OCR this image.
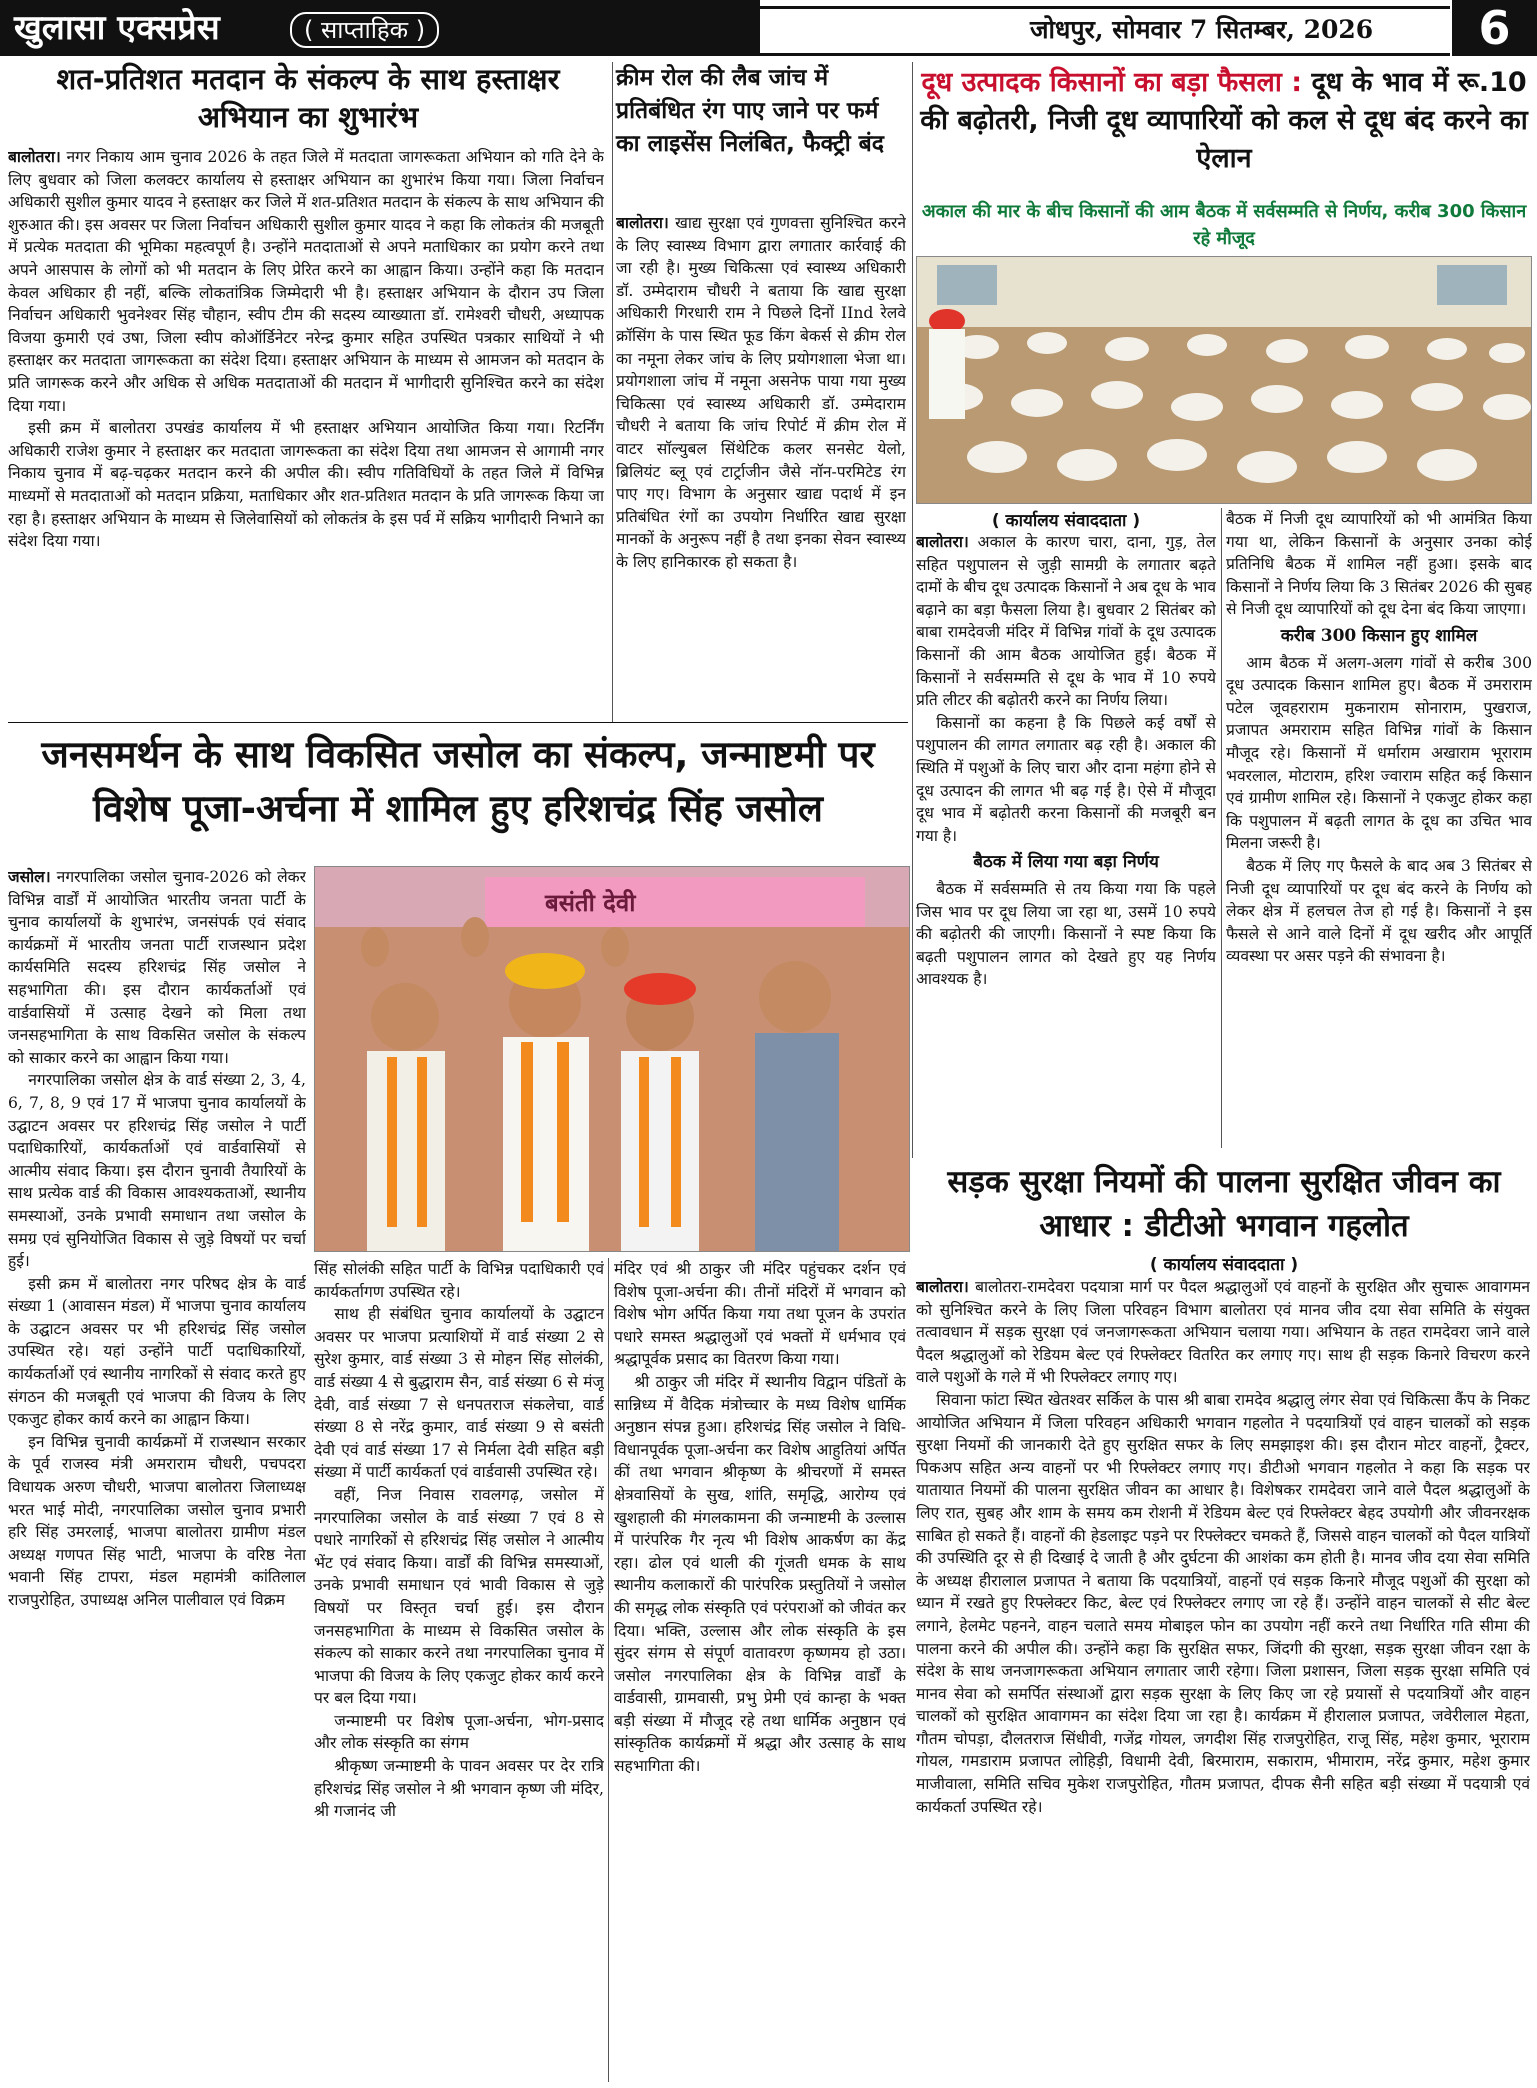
खुलासा एक्सप्रेस	( साप्ताहिक )	जोधपुर, सोमवार 7 सितम्बर, 2026	6
शत-प्रतिशत मतदान के संकल्प के साथ हस्ताक्षर अभियान का शुभारंभ

बालोतरा। नगर निकाय आम चुनाव 2026 के तहत जिले में मतदाता जागरूकता अभियान को गति देने के लिए बुधवार को जिला कलक्टर कार्यालय से हस्ताक्षर अभियान का शुभारंभ किया गया। जिला निर्वाचन अधिकारी सुशील कुमार यादव ने हस्ताक्षर कर जिले में शत-प्रतिशत मतदान के संकल्प के साथ अभियान की शुरुआत की। इस अवसर पर जिला निर्वाचन अधिकारी सुशील कुमार यादव ने कहा कि लोकतंत्र की मजबूती में प्रत्येक मतदाता की भूमिका महत्वपूर्ण है। उन्होंने मतदाताओं से अपने मताधिकार का प्रयोग करने तथा अपने आसपास के लोगों को भी मतदान के लिए प्रेरित करने का आह्वान किया। उन्होंने कहा कि मतदान केवल अधिकार ही नहीं, बल्कि लोकतांत्रिक जिम्मेदारी भी है। हस्ताक्षर अभियान के दौरान उप जिला निर्वाचन अधिकारी भुवनेश्वर सिंह चौहान, स्वीप टीम की सदस्य व्याख्याता डॉ. रामेश्वरी चौधरी, अध्यापक विजया कुमारी एवं उषा, जिला स्वीप कोऑर्डिनेटर नरेन्द्र कुमार सहित उपस्थित पत्रकार साथियों ने भी हस्ताक्षर कर मतदाता जागरूकता का संदेश दिया। हस्ताक्षर अभियान के माध्यम से आमजन को मतदान के प्रति जागरूक करने और अधिक से अधिक मतदाताओं की मतदान में भागीदारी सुनिश्चित करने का संदेश दिया गया।

इसी क्रम में बालोतरा उपखंड कार्यालय में भी हस्ताक्षर अभियान आयोजित किया गया। रिटर्निंग अधिकारी राजेश कुमार ने हस्ताक्षर कर मतदाता जागरूकता का संदेश दिया तथा आमजन से आगामी नगर निकाय चुनाव में बढ़-चढ़कर मतदान करने की अपील की। स्वीप गतिविधियों के तहत जिले में विभिन्न माध्यमों से मतदाताओं को मतदान प्रक्रिया, मताधिकार और शत-प्रतिशत मतदान के प्रति जागरूक किया जा रहा है। हस्ताक्षर अभियान के माध्यम से जिलेवासियों को लोकतंत्र के इस पर्व में सक्रिय भागीदारी निभाने का संदेश दिया गया।

क्रीम रोल की लैब जांच में प्रतिबंधित रंग पाए जाने पर फर्म का लाइसेंस निलंबित, फैक्ट्री बंद

बालोतरा। खाद्य सुरक्षा एवं गुणवत्ता सुनिश्चित करने के लिए स्वास्थ्य विभाग द्वारा लगातार कार्रवाई की जा रही है। मुख्य चिकित्सा एवं स्वास्थ्य अधिकारी डॉ. उम्मेदाराम चौधरी ने बताया कि खाद्य सुरक्षा अधिकारी गिरधारी राम ने पिछले दिनों IInd रेलवे क्रॉसिंग के पास स्थित फूड किंग बेकर्स से क्रीम रोल का नमूना लेकर जांच के लिए प्रयोगशाला भेजा था। प्रयोगशाला जांच में नमूना असनेफ पाया गया मुख्य चिकित्सा एवं स्वास्थ्य अधिकारी डॉ. उम्मेदाराम चौधरी ने बताया कि जांच रिपोर्ट में क्रीम रोल में वाटर सॉल्युबल सिंथेटिक कलर सनसेट येलो, ब्रिलियंट ब्लू एवं टार्ट्राजीन जैसे नॉन-परमिटेड रंग पाए गए। विभाग के अनुसार खाद्य पदार्थ में इन प्रतिबंधित रंगों का उपयोग निर्धारित खाद्य सुरक्षा मानकों के अनुरूप नहीं है तथा इनका सेवन स्वास्थ्य के लिए हानिकारक हो सकता है।

दूध उत्पादक किसानों का बड़ा फैसला : दूध के भाव में रू.10 की बढ़ोतरी, निजी दूध व्यापारियों को कल से दूध बंद करने का ऐलान
अकाल की मार के बीच किसानों की आम बैठक में सर्वसम्मति से निर्णय, करीब 300 किसान रहे मौजूद
( कार्यालय संवाददाता )

बालोतरा। अकाल के कारण चारा, दाना, गुड़, तेल सहित पशुपालन से जुड़ी सामग्री के लगातार बढ़ते दामों के बीच दूध उत्पादक किसानों ने अब दूध के भाव बढ़ाने का बड़ा फैसला लिया है। बुधवार 2 सितंबर को बाबा रामदेवजी मंदिर में विभिन्न गांवों के दूध उत्पादक किसानों की आम बैठक आयोजित हुई। बैठक में किसानों ने सर्वसम्मति से दूध के भाव में 10 रुपये प्रति लीटर की बढ़ोतरी करने का निर्णय लिया।

किसानों का कहना है कि पिछले कई वर्षों से पशुपालन की लागत लगातार बढ़ रही है। अकाल की स्थिति में पशुओं के लिए चारा और दाना महंगा होने से दूध उत्पादन की लागत भी बढ़ गई है। ऐसे में मौजूदा दूध भाव में बढ़ोतरी करना किसानों की मजबूरी बन गया है।

बैठक में लिया गया बड़ा निर्णय

बैठक में सर्वसम्मति से तय किया गया कि पहले जिस भाव पर दूध लिया जा रहा था, उसमें 10 रुपये की बढ़ोतरी की जाएगी। किसानों ने स्पष्ट किया कि बढ़ती पशुपालन लागत को देखते हुए यह निर्णय आवश्यक है।

बैठक में निजी दूध व्यापारियों को भी आमंत्रित किया गया था, लेकिन किसानों के अनुसार उनका कोई प्रतिनिधि बैठक में शामिल नहीं हुआ। इसके बाद किसानों ने निर्णय लिया कि 3 सितंबर 2026 की सुबह से निजी दूध व्यापारियों को दूध देना बंद किया जाएगा।

करीब 300 किसान हुए शामिल

आम बैठक में अलग-अलग गांवों से करीब 300 दूध उत्पादक किसान शामिल हुए। बैठक में उमराराम पटेल जूवहराराम मुकनाराम सोनाराम, पुखराज, प्रजापत अमराराम सहित विभिन्न गांवों के किसान मौजूद रहे। किसानों में धर्माराम अखाराम भूराराम भवरलाल, मोटाराम, हरिश ज्वाराम सहित कई किसान एवं ग्रामीण शामिल रहे। किसानों ने एकजुट होकर कहा कि पशुपालन में बढ़ती लागत के दूध का उचित भाव मिलना जरूरी है।

बैठक में लिए गए फैसले के बाद अब 3 सितंबर से निजी दूध व्यापारियों पर दूध बंद करने के निर्णय को लेकर क्षेत्र में हलचल तेज हो गई है। किसानों ने इस फैसले से आने वाले दिनों में दूध खरीद और आपूर्ति व्यवस्था पर असर पड़ने की संभावना है।

जनसमर्थन के साथ विकसित जसोल का संकल्प, जन्माष्टमी पर विशेष पूजा-अर्चना में शामिल हुए हरिशचंद्र सिंह जसोल

जसोल। नगरपालिका जसोल चुनाव-2026 को लेकर विभिन्न वार्डों में आयोजित भारतीय जनता पार्टी के चुनाव कार्यालयों के शुभारंभ, जनसंपर्क एवं संवाद कार्यक्रमों में भारतीय जनता पार्टी राजस्थान प्रदेश कार्यसमिति सदस्य हरिशचंद्र सिंह जसोल ने सहभागिता की। इस दौरान कार्यकर्ताओं एवं वार्डवासियों में उत्साह देखने को मिला तथा जनसहभागिता के साथ विकसित जसोल के संकल्प को साकार करने का आह्वान किया गया।

नगरपालिका जसोल क्षेत्र के वार्ड संख्या 2, 3, 4, 6, 7, 8, 9 एवं 17 में भाजपा चुनाव कार्यालयों के उद्घाटन अवसर पर हरिशचंद्र सिंह जसोल ने पार्टी पदाधिकारियों, कार्यकर्ताओं एवं वार्डवासियों से आत्मीय संवाद किया। इस दौरान चुनावी तैयारियों के साथ प्रत्येक वार्ड की विकास आवश्यकताओं, स्थानीय समस्याओं, उनके प्रभावी समाधान तथा जसोल के समग्र एवं सुनियोजित विकास से जुड़े विषयों पर चर्चा हुई।

इसी क्रम में बालोतरा नगर परिषद क्षेत्र के वार्ड संख्या 1 (आवासन मंडल) में भाजपा चुनाव कार्यालय के उद्घाटन अवसर पर भी हरिशचंद्र सिंह जसोल उपस्थित रहे। यहां उन्होंने पार्टी पदाधिकारियों, कार्यकर्ताओं एवं स्थानीय नागरिकों से संवाद करते हुए संगठन की मजबूती एवं भाजपा की विजय के लिए एकजुट होकर कार्य करने का आह्वान किया।

इन विभिन्न चुनावी कार्यक्रमों में राजस्थान सरकार के पूर्व राजस्व मंत्री अमराराम चौधरी, पचपदरा विधायक अरुण चौधरी, भाजपा बालोतरा जिलाध्यक्ष भरत भाई मोदी, नगरपालिका जसोल चुनाव प्रभारी हरि सिंह उमरलाई, भाजपा बालोतरा ग्रामीण मंडल अध्यक्ष गणपत सिंह भाटी, भाजपा के वरिष्ठ नेता भवानी सिंह टापरा, मंडल महामंत्री कांतिलाल राजपुरोहित, उपाध्यक्ष अनिल पालीवाल एवं विक्रम

बसंती देवी

सिंह सोलंकी सहित पार्टी के विभिन्न पदाधिकारी एवं कार्यकर्तागण उपस्थित रहे।

साथ ही संबंधित चुनाव कार्यालयों के उद्घाटन अवसर पर भाजपा प्रत्याशियों में वार्ड संख्या 2 से सुरेश कुमार, वार्ड संख्या 3 से मोहन सिंह सोलंकी, वार्ड संख्या 4 से बुद्धाराम सैन, वार्ड संख्या 6 से मंजू देवी, वार्ड संख्या 7 से धनपतराज संकलेचा, वार्ड संख्या 8 से नरेंद्र कुमार, वार्ड संख्या 9 से बसंती देवी एवं वार्ड संख्या 17 से निर्मला देवी सहित बड़ी संख्या में पार्टी कार्यकर्ता एवं वार्डवासी उपस्थित रहे।

वहीं, निज निवास रावलगढ़, जसोल में नगरपालिका जसोल के वार्ड संख्या 7 एवं 8 से पधारे नागरिकों से हरिशचंद्र सिंह जसोल ने आत्मीय भेंट एवं संवाद किया। वार्डों की विभिन्न समस्याओं, उनके प्रभावी समाधान एवं भावी विकास से जुड़े विषयों पर विस्तृत चर्चा हुई। इस दौरान जनसहभागिता के माध्यम से विकसित जसोल के संकल्प को साकार करने तथा नगरपालिका चुनाव में भाजपा की विजय के लिए एकजुट होकर कार्य करने पर बल दिया गया।

जन्माष्टमी पर विशेष पूजा-अर्चना, भोग-प्रसाद और लोक संस्कृति का संगम

श्रीकृष्ण जन्माष्टमी के पावन अवसर पर देर रात्रि हरिशचंद्र सिंह जसोल ने श्री भगवान कृष्ण जी मंदिर, श्री गजानंद जी

मंदिर एवं श्री ठाकुर जी मंदिर पहुंचकर दर्शन एवं विशेष पूजा-अर्चना की। तीनों मंदिरों में भगवान को विशेष भोग अर्पित किया गया तथा पूजन के उपरांत पधारे समस्त श्रद्धालुओं एवं भक्तों में धर्मभाव एवं श्रद्धापूर्वक प्रसाद का वितरण किया गया।

श्री ठाकुर जी मंदिर में स्थानीय विद्वान पंडितों के सान्निध्य में वैदिक मंत्रोच्चार के मध्य विशेष धार्मिक अनुष्ठान संपन्न हुआ। हरिशचंद्र सिंह जसोल ने विधि-विधानपूर्वक पूजा-अर्चना कर विशेष आहुतियां अर्पित कीं तथा भगवान श्रीकृष्ण के श्रीचरणों में समस्त क्षेत्रवासियों के सुख, शांति, समृद्धि, आरोग्य एवं खुशहाली की मंगलकामना की जन्माष्टमी के उल्लास में पारंपरिक गैर नृत्य भी विशेष आकर्षण का केंद्र रहा। ढोल एवं थाली की गूंजती धमक के साथ स्थानीय कलाकारों की पारंपरिक प्रस्तुतियों ने जसोल की समृद्ध लोक संस्कृति एवं परंपराओं को जीवंत कर दिया। भक्ति, उल्लास और लोक संस्कृति के इस सुंदर संगम से संपूर्ण वातावरण कृष्णमय हो उठा। जसोल नगरपालिका क्षेत्र के विभिन्न वार्डों के वार्डवासी, ग्रामवासी, प्रभु प्रेमी एवं कान्हा के भक्त बड़ी संख्या में मौजूद रहे तथा धार्मिक अनुष्ठान एवं सांस्कृतिक कार्यक्रमों में श्रद्धा और उत्साह के साथ सहभागिता की।

सड़क सुरक्षा नियमों की पालना सुरक्षित जीवन का आधार : डीटीओ भगवान गहलोत
( कार्यालय संवाददाता )

बालोतरा। बालोतरा-रामदेवरा पदयात्रा मार्ग पर पैदल श्रद्धालुओं एवं वाहनों के सुरक्षित और सुचारू आवागमन को सुनिश्चित करने के लिए जिला परिवहन विभाग बालोतरा एवं मानव जीव दया सेवा समिति के संयुक्त तत्वावधान में सड़क सुरक्षा एवं जनजागरूकता अभियान चलाया गया। अभियान के तहत रामदेवरा जाने वाले पैदल श्रद्धालुओं को रेडियम बेल्ट एवं रिफ्लेक्टर वितरित कर लगाए गए। साथ ही सड़क किनारे विचरण करने वाले पशुओं के गले में भी रिफ्लेक्टर लगाए गए।

सिवाना फांटा स्थित खेतश्वर सर्किल के पास श्री बाबा रामदेव श्रद्धालु लंगर सेवा एवं चिकित्सा कैंप के निकट आयोजित अभियान में जिला परिवहन अधिकारी भगवान गहलोत ने पदयात्रियों एवं वाहन चालकों को सड़क सुरक्षा नियमों की जानकारी देते हुए सुरक्षित सफर के लिए समझाइश की। इस दौरान मोटर वाहनों, ट्रैक्टर, पिकअप सहित अन्य वाहनों पर भी रिफ्लेक्टर लगाए गए। डीटीओ भगवान गहलोत ने कहा कि सड़क पर यातायात नियमों की पालना सुरक्षित जीवन का आधार है। विशेषकर रामदेवरा जाने वाले पैदल श्रद्धालुओं के लिए रात, सुबह और शाम के समय कम रोशनी में रेडियम बेल्ट एवं रिफ्लेक्टर बेहद उपयोगी और जीवनरक्षक साबित हो सकते हैं। वाहनों की हेडलाइट पड़ने पर रिफ्लेक्टर चमकते हैं, जिससे वाहन चालकों को पैदल यात्रियों की उपस्थिति दूर से ही दिखाई दे जाती है और दुर्घटना की आशंका कम होती है। मानव जीव दया सेवा समिति के अध्यक्ष हीरालाल प्रजापत ने बताया कि पदयात्रियों, वाहनों एवं सड़क किनारे मौजूद पशुओं की सुरक्षा को ध्यान में रखते हुए रिफ्लेक्टर किट, बेल्ट एवं रिफ्लेक्टर लगाए जा रहे हैं। उन्होंने वाहन चालकों से सीट बेल्ट लगाने, हेलमेट पहनने, वाहन चलाते समय मोबाइल फोन का उपयोग नहीं करने तथा निर्धारित गति सीमा की पालना करने की अपील की। उन्होंने कहा कि सुरक्षित सफर, जिंदगी की सुरक्षा, सड़क सुरक्षा जीवन रक्षा के संदेश के साथ जनजागरूकता अभियान लगातार जारी रहेगा। जिला प्रशासन, जिला सड़क सुरक्षा समिति एवं मानव सेवा को समर्पित संस्थाओं द्वारा सड़क सुरक्षा के लिए किए जा रहे प्रयासों से पदयात्रियों और वाहन चालकों को सुरक्षित आवागमन का संदेश दिया जा रहा है। कार्यक्रम में हीरालाल प्रजापत, जवेरीलाल मेहता, गौतम चोपड़ा, दौलतराज सिंधीवी, गजेंद्र गोयल, जगदीश सिंह राजपुरोहित, राजू सिंह, महेश कुमार, भूराराम गोयल, गमडाराम प्रजापत लोहिड़ी, विधामी देवी, बिरमाराम, सकाराम, भीमाराम, नरेंद्र कुमार, महेश कुमार माजीवाला, समिति सचिव मुकेश राजपुरोहित, गौतम प्रजापत, दीपक सैनी सहित बड़ी संख्या में पदयात्री एवं कार्यकर्ता उपस्थित रहे।
